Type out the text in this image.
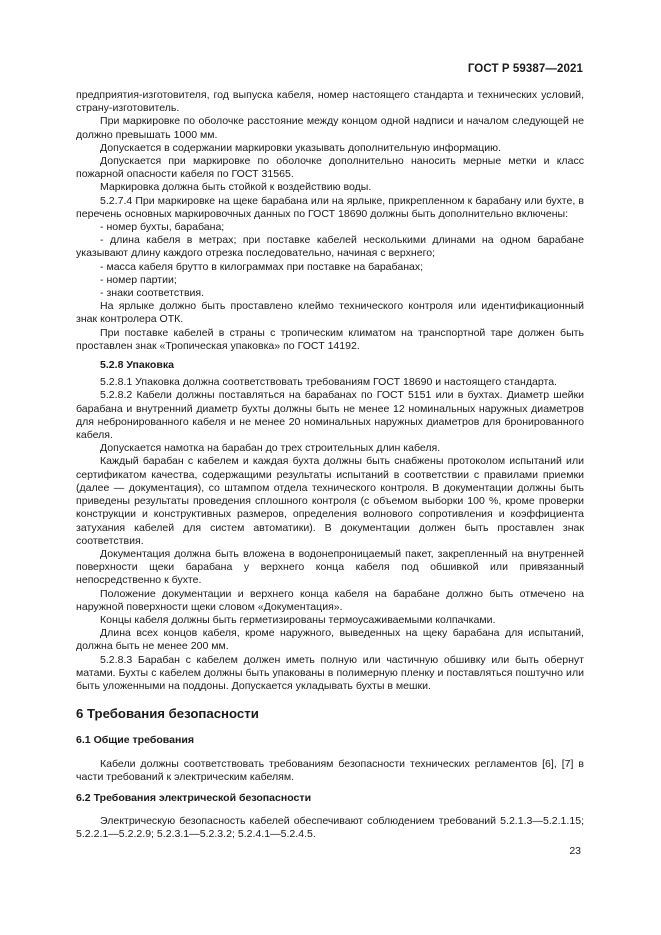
ГОСТ Р 59387—2021

предприятия-изготовителя, год выпуска кабеля, номер настоящего стандарта и технических условий, страну-изготовитель.

При маркировке по оболочке расстояние между концом одной надписи и началом следующей не должно превышать 1000 мм.

Допускается в содержании маркировки указывать дополнительную информацию.

Допускается при маркировке по оболочке дополнительно наносить мерные метки и класс пожарной опасности кабеля по ГОСТ 31565.

Маркировка должна быть стойкой к воздействию воды.

5.2.7.4 При маркировке на щеке барабана или на ярлыке, прикрепленном к барабану или бухте, в перечень основных маркировочных данных по ГОСТ 18690 должны быть дополнительно включены:

- номер бухты, барабана;

- длина кабеля в метрах; при поставке кабелей несколькими длинами на одном барабане указывают длину каждого отрезка последовательно, начиная с верхнего;

- масса кабеля брутто в килограммах при поставке на барабанах;

- номер партии;

- знаки соответствия.

На ярлыке должно быть проставлено клеймо технического контроля или идентификационный знак контролера ОТК.

При поставке кабелей в страны с тропическим климатом на транспортной таре должен быть проставлен знак «Тропическая упаковка» по ГОСТ 14192.

5.2.8 Упаковка

5.2.8.1 Упаковка должна соответствовать требованиям ГОСТ 18690 и настоящего стандарта.

5.2.8.2 Кабели должны поставляться на барабанах по ГОСТ 5151 или в бухтах. Диаметр шейки барабана и внутренний диаметр бухты должны быть не менее 12 номинальных наружных диаметров для небронированного кабеля и не менее 20 номинальных наружных диаметров для бронированного кабеля.

Допускается намотка на барабан до трех строительных длин кабеля.

Каждый барабан с кабелем и каждая бухта должны быть снабжены протоколом испытаний или сертификатом качества, содержащими результаты испытаний в соответствии с правилами приемки (далее — документация), со штампом отдела технического контроля. В документации должны быть приведены результаты проведения сплошного контроля (с объемом выборки 100 %, кроме проверки конструкции и конструктивных размеров, определения волнового сопротивления и коэффициента затухания кабелей для систем автоматики). В документации должен быть проставлен знак соответствия.

Документация должна быть вложена в водонепроницаемый пакет, закрепленный на внутренней поверхности щеки барабана у верхнего конца кабеля под обшивкой или привязанный непосредственно к бухте.

Положение документации и верхнего конца кабеля на барабане должно быть отмечено на наружной поверхности щеки словом «Документация».

Концы кабеля должны быть герметизированы термоусаживаемыми колпачками.

Длина всех концов кабеля, кроме наружного, выведенных на щеку барабана для испытаний, должна быть не менее 200 мм.

5.2.8.3 Барабан с кабелем должен иметь полную или частичную обшивку или быть обернут матами. Бухты с кабелем должны быть упакованы в полимерную пленку и поставляться поштучно или быть уложенными на поддоны. Допускается укладывать бухты в мешки.

6 Требования безопасности
6.1 Общие требования

Кабели должны соответствовать требованиям безопасности технических регламентов [6], [7] в части требований к электрическим кабелям.

6.2 Требования электрической безопасности

Электрическую безопасность кабелей обеспечивают соблюдением требований 5.2.1.3—5.2.1.15; 5.2.2.1—5.2.2.9; 5.2.3.1—5.2.3.2; 5.2.4.1—5.2.4.5.

23
